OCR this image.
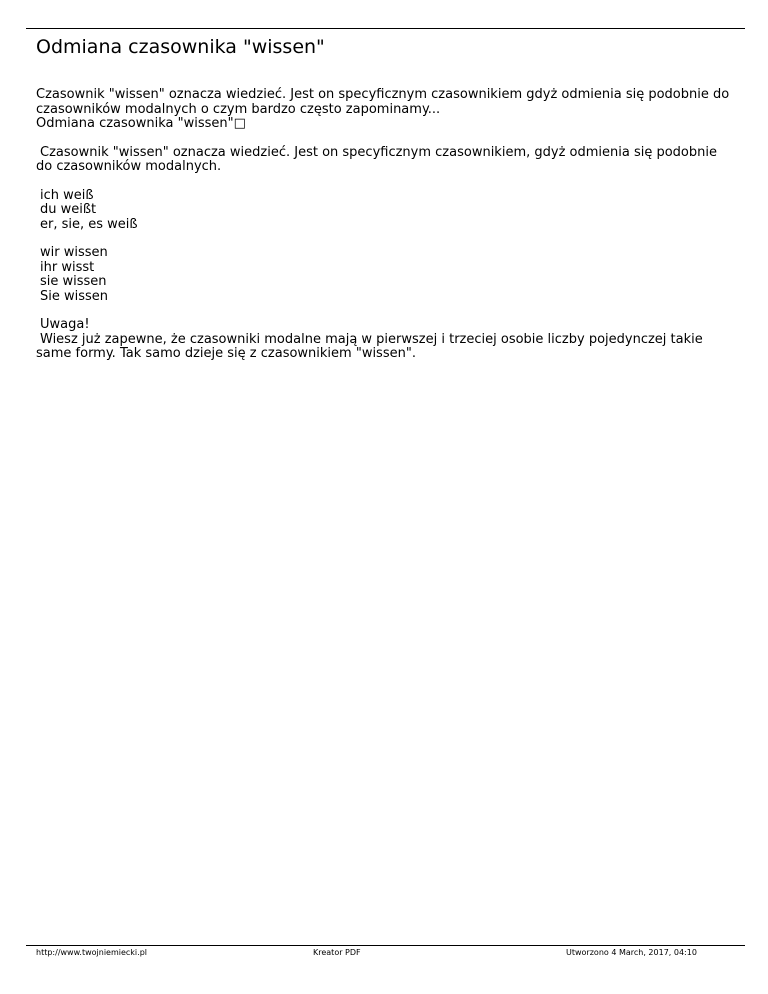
Odmiana czasownika "wissen"

Czasownik "wissen" oznacza wiedzieć. Jest on specyficznym czasownikiem gdyż odmienia się podobnie do
czasowników modalnych o czym bardzo często zapominamy...
Odmiana czasownika "wissen"□

Czasownik "wissen" oznacza wiedzieć. Jest on specyficznym czasownikiem, gdyż odmienia się podobnie
do czasowników modalnych.

ich weiß
du weißt
er, sie, es weiß
wir wissen
ihr wisst
sie wissen
Sie wissen
Uwaga!
Wiesz już zapewne, że czasowniki modalne mają w pierwszej i trzeciej osobie liczby pojedynczej takie
same formy. Tak samo dzieje się z czasownikiem "wissen".
http://www.twojniemiecki.pl	Kreator PDF	Utworzono 4 March, 2017, 04:10
